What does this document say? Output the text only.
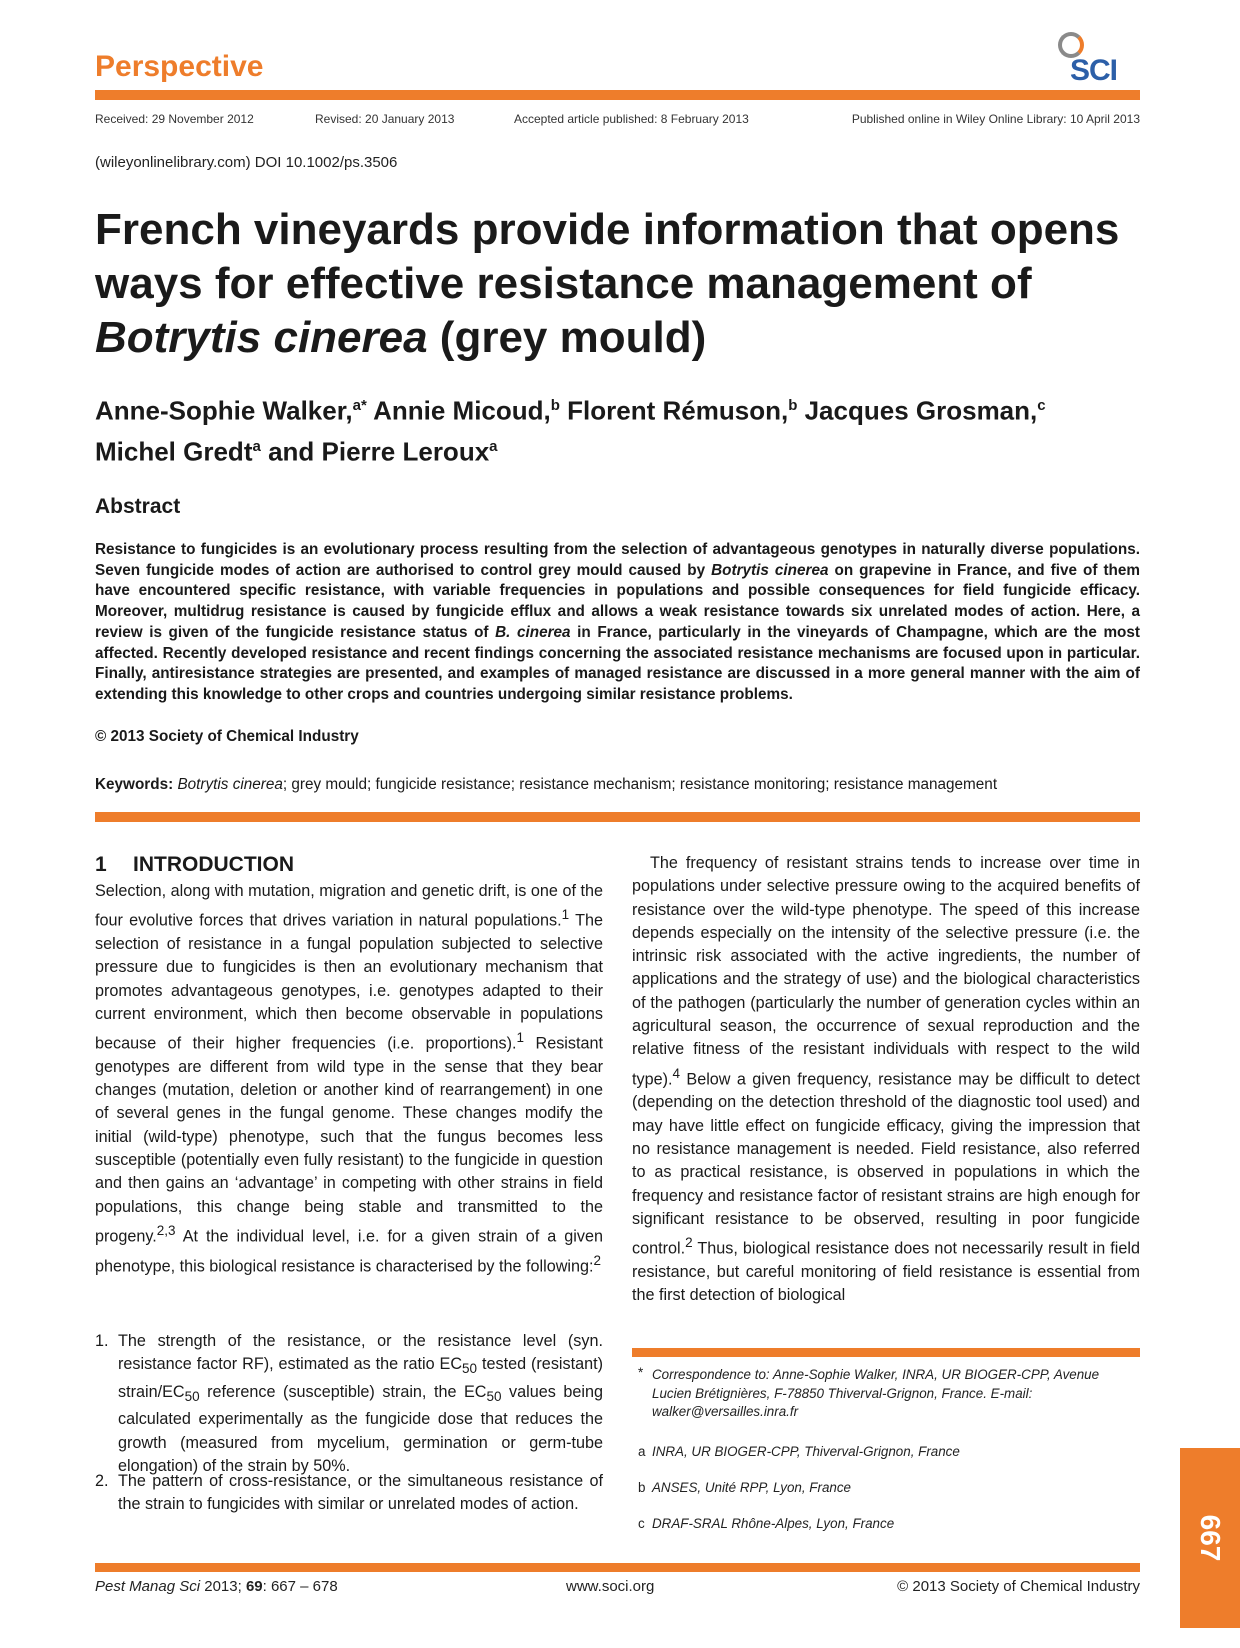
Perspective	SCI
Received: 29 November 2012	Revised: 20 January 2013	Accepted article published: 8 February 2013	Published online in Wiley Online Library: 10 April 2013
(wileyonlinelibrary.com) DOI 10.1002/ps.3506
French vineyards provide information that opens ways for effective resistance management of Botrytis cinerea (grey mould)

Anne-Sophie Walker,$^{a*}$ Annie Micoud,$^b$ Florent Rémuson,$^b$ Jacques Grosman,$^c$ Michel Gredt$^a$ and Pierre Leroux$^a$

Abstract

Resistance to fungicides is an evolutionary process resulting from the selection of advantageous genotypes in naturally diverse populations. Seven fungicide modes of action are authorised to control grey mould caused by Botrytis cinerea on grapevine in France, and five of them have encountered specific resistance, with variable frequencies in populations and possible consequences for field fungicide efficacy. Moreover, multidrug resistance is caused by fungicide efflux and allows a weak resistance towards six unrelated modes of action. Here, a review is given of the fungicide resistance status of B. cinerea in France, particularly in the vineyards of Champagne, which are the most affected. Recently developed resistance and recent findings concerning the associated resistance mechanisms are focused upon in particular. Finally, antiresistance strategies are presented, and examples of managed resistance are discussed in a more general manner with the aim of extending this knowledge to other crops and countries undergoing similar resistance problems.

© 2013 Society of Chemical Industry
Keywords: Botrytis cinerea; grey mould; fungicide resistance; resistance mechanism; resistance monitoring; resistance management
1 INTRODUCTION

Selection, along with mutation, migration and genetic drift, is one of the four evolutive forces that drives variation in natural populations.$^1$ The selection of resistance in a fungal population subjected to selective pressure due to fungicides is then an evolutionary mechanism that promotes advantageous genotypes, i.e. genotypes adapted to their current environment, which then become observable in populations because of their higher frequencies (i.e. proportions).$^1$ Resistant genotypes are different from wild type in the sense that they bear changes (mutation, deletion or another kind of rearrangement) in one of several genes in the fungal genome. These changes modify the initial (wild-type) phenotype, such that the fungus becomes less susceptible (potentially even fully resistant) to the fungicide in question and then gains an ‘advantage’ in competing with other strains in field populations, this change being stable and transmitted to the progeny.$^{2,3}$ At the individual level, i.e. for a given strain of a given phenotype, this biological resistance is characterised by the following:$^2$

1. The strength of the resistance, or the resistance level (syn. resistance factor RF), estimated as the ratio $EC_{50}$ tested (resistant) strain/$EC_{50}$ reference (susceptible) strain, the $EC_{50}$ values being calculated experimentally as the fungicide dose that reduces the growth (measured from mycelium, germination or germ-tube elongation) of the strain by 50%.
2. The pattern of cross-resistance, or the simultaneous resistance of the strain to fungicides with similar or unrelated modes of action.

The frequency of resistant strains tends to increase over time in populations under selective pressure owing to the acquired benefits of resistance over the wild-type phenotype. The speed of this increase depends especially on the intensity of the selective pressure (i.e. the intrinsic risk associated with the active ingredients, the number of applications and the strategy of use) and the biological characteristics of the pathogen (particularly the number of generation cycles within an agricultural season, the occurrence of sexual reproduction and the relative fitness of the resistant individuals with respect to the wild type).$^4$ Below a given frequency, resistance may be difficult to detect (depending on the detection threshold of the diagnostic tool used) and may have little effect on fungicide efficacy, giving the impression that no resistance management is needed. Field resistance, also referred to as practical resistance, is observed in populations in which the frequency and resistance factor of resistant strains are high enough for significant resistance to be observed, resulting in poor fungicide control.$^2$ Thus, biological resistance does not necessarily result in field resistance, but careful monitoring of field resistance is essential from the first detection of biological

* Correspondence to: Anne-Sophie Walker, INRA, UR BIOGER-CPP, Avenue Lucien Brétignières, F-78850 Thiverval-Grignon, France. E-mail: walker@versailles.inra.fr
a INRA, UR BIOGER-CPP, Thiverval-Grignon, France
b ANSES, Unité RPP, Lyon, France
c DRAF-SRAL Rhône-Alpes, Lyon, France
Pest Manag Sci 2013; 69: 667 – 678	www.soci.org	© 2013 Society of Chemical Industry
667
